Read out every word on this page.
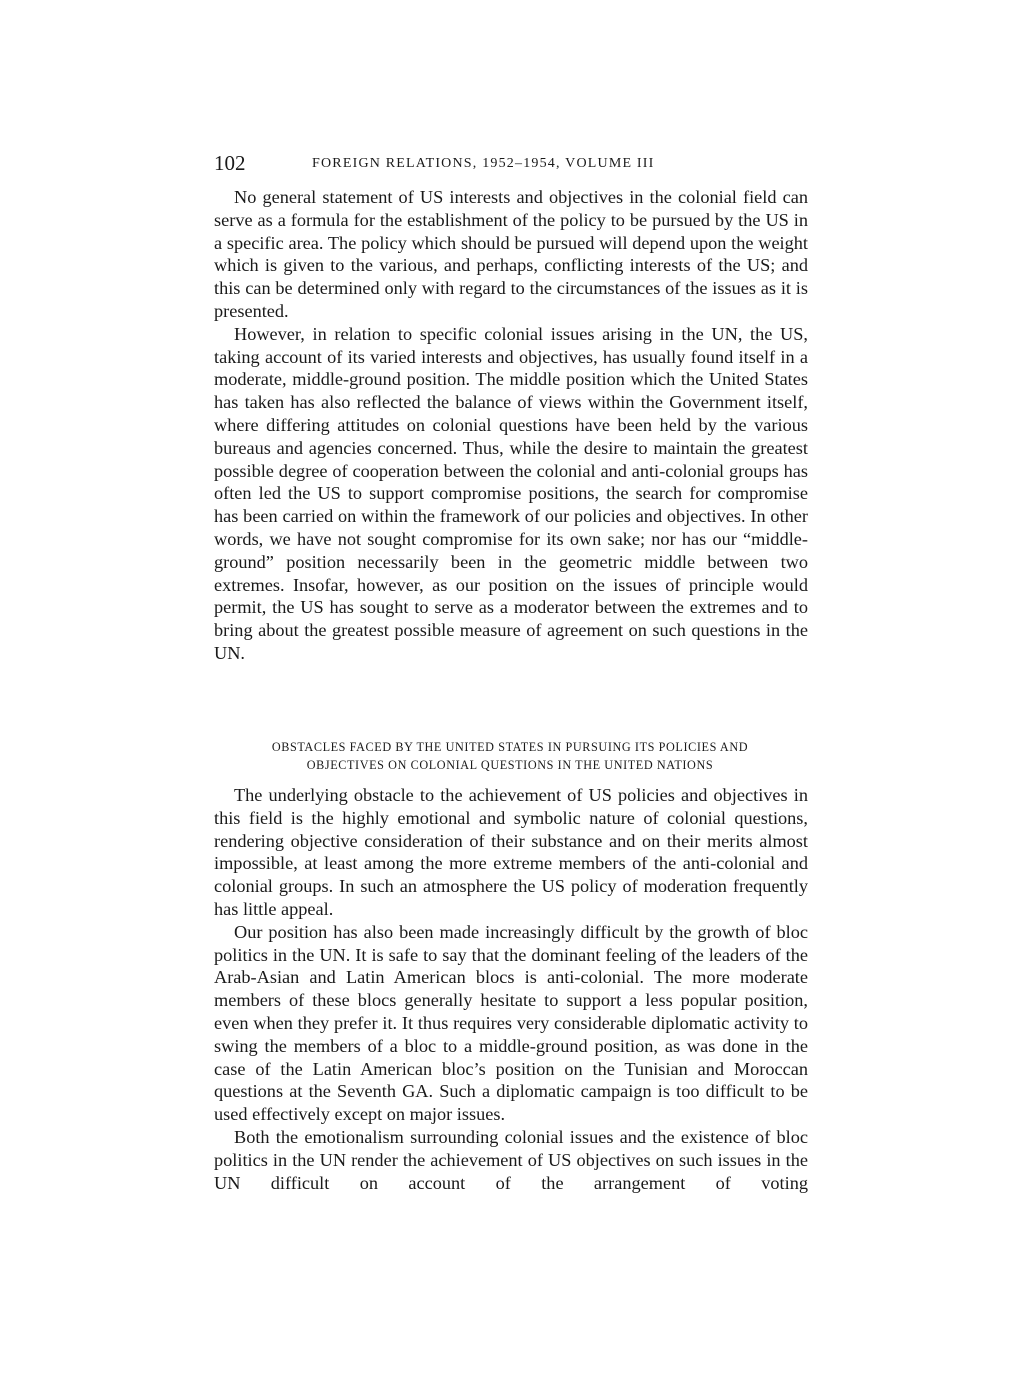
102	FOREIGN RELATIONS, 1952–1954, VOLUME III

No general statement of US interests and objectives in the colonial field can serve as a formula for the establishment of the policy to be pursued by the US in a specific area. The policy which should be pursued will depend upon the weight which is given to the various, and perhaps, conflicting interests of the US; and this can be determined only with regard to the circumstances of the issues as it is presented.

However, in relation to specific colonial issues arising in the UN, the US, taking account of its varied interests and objectives, has usually found itself in a moderate, middle-ground position. The middle position which the United States has taken has also reflected the balance of views within the Government itself, where differing attitudes on colonial questions have been held by the various bureaus and agencies concerned. Thus, while the desire to maintain the greatest possible degree of cooperation between the colonial and anti-colonial groups has often led the US to support compromise positions, the search for compromise has been carried on within the framework of our policies and objectives. In other words, we have not sought compromise for its own sake; nor has our “middle-ground” position necessarily been in the geometric middle between two extremes. Insofar, however, as our position on the issues of principle would permit, the US has sought to serve as a moderator between the extremes and to bring about the greatest possible measure of agreement on such questions in the UN.

OBSTACLES FACED BY THE UNITED STATES IN PURSUING ITS POLICIES AND
OBJECTIVES ON COLONIAL QUESTIONS IN THE UNITED NATIONS

The underlying obstacle to the achievement of US policies and objectives in this field is the highly emotional and symbolic nature of colonial questions, rendering objective consideration of their substance and on their merits almost impossible, at least among the more extreme members of the anti-colonial and colonial groups. In such an atmosphere the US policy of moderation frequently has little appeal.

Our position has also been made increasingly difficult by the growth of bloc politics in the UN. It is safe to say that the dominant feeling of the leaders of the Arab-Asian and Latin American blocs is anti-colonial. The more moderate members of these blocs generally hesitate to support a less popular position, even when they prefer it. It thus requires very considerable diplomatic activity to swing the members of a bloc to a middle-ground position, as was done in the case of the Latin American bloc’s position on the Tunisian and Moroccan questions at the Seventh GA. Such a diplomatic campaign is too difficult to be used effectively except on major issues.

Both the emotionalism surrounding colonial issues and the existence of bloc politics in the UN render the achievement of US objectives on such issues in the UN difficult on account of the arrangement of voting
